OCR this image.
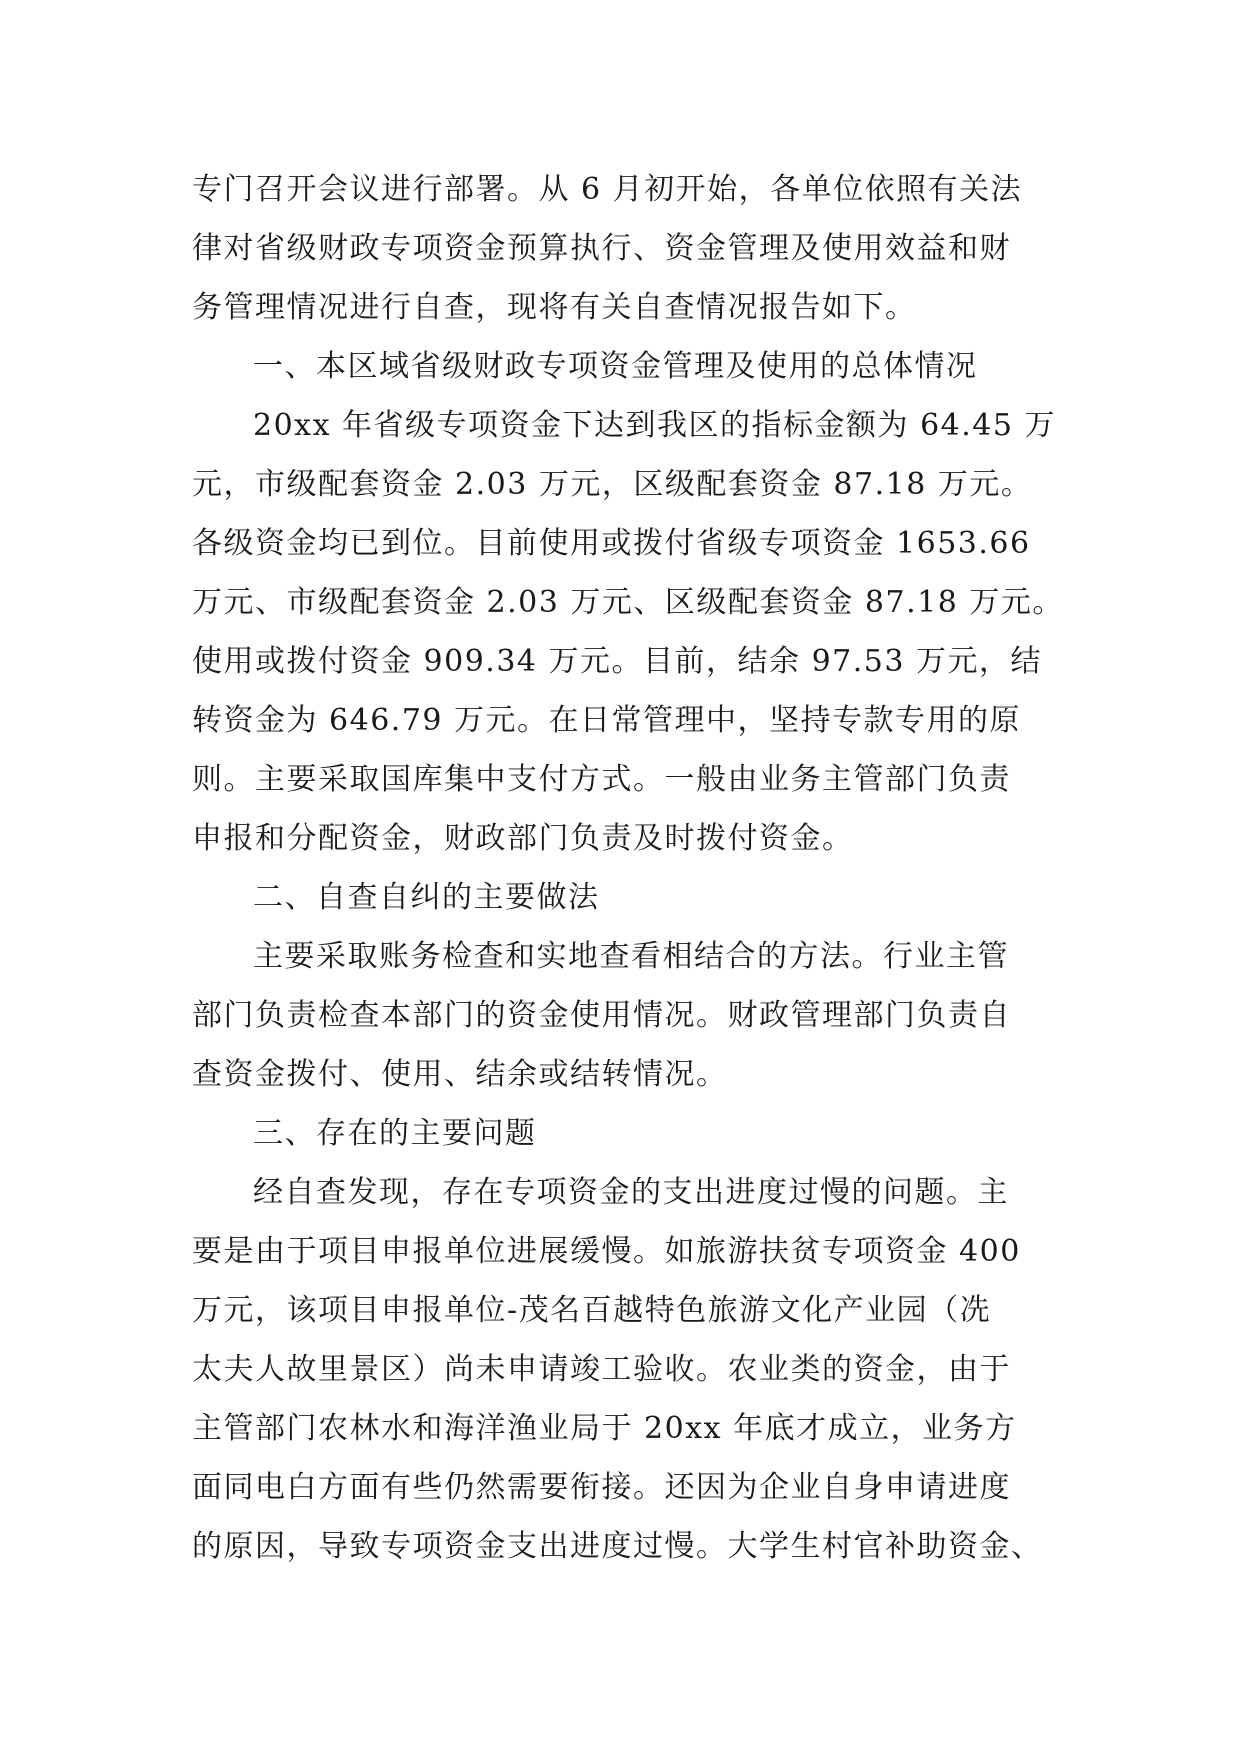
专门召开会议进行部署。从 6 月初开始，各单位依照有关法
律对省级财政专项资金预算执行、资金管理及使用效益和财
务管理情况进行自查，现将有关自查情况报告如下。
一、本区域省级财政专项资金管理及使用的总体情况
20xx 年省级专项资金下达到我区的指标金额为 64.45 万
元，市级配套资金 2.03 万元，区级配套资金 87.18 万元。
各级资金均已到位。目前使用或拨付省级专项资金 1653.66
万元、市级配套资金 2.03 万元、区级配套资金 87.18 万元。
使用或拨付资金 909.34 万元。目前，结余 97.53 万元，结
转资金为 646.79 万元。在日常管理中，坚持专款专用的原
则。主要采取国库集中支付方式。一般由业务主管部门负责
申报和分配资金，财政部门负责及时拨付资金。
二、自查自纠的主要做法
主要采取账务检查和实地查看相结合的方法。行业主管
部门负责检查本部门的资金使用情况。财政管理部门负责自
查资金拨付、使用、结余或结转情况。
三、存在的主要问题
经自查发现，存在专项资金的支出进度过慢的问题。主
要是由于项目申报单位进展缓慢。如旅游扶贫专项资金 400
万元，该项目申报单位-茂名百越特色旅游文化产业园（冼
太夫人故里景区）尚未申请竣工验收。农业类的资金，由于
主管部门农林水和海洋渔业局于 20xx 年底才成立，业务方
面同电白方面有些仍然需要衔接。还因为企业自身申请进度
的原因，导致专项资金支出进度过慢。大学生村官补助资金、
